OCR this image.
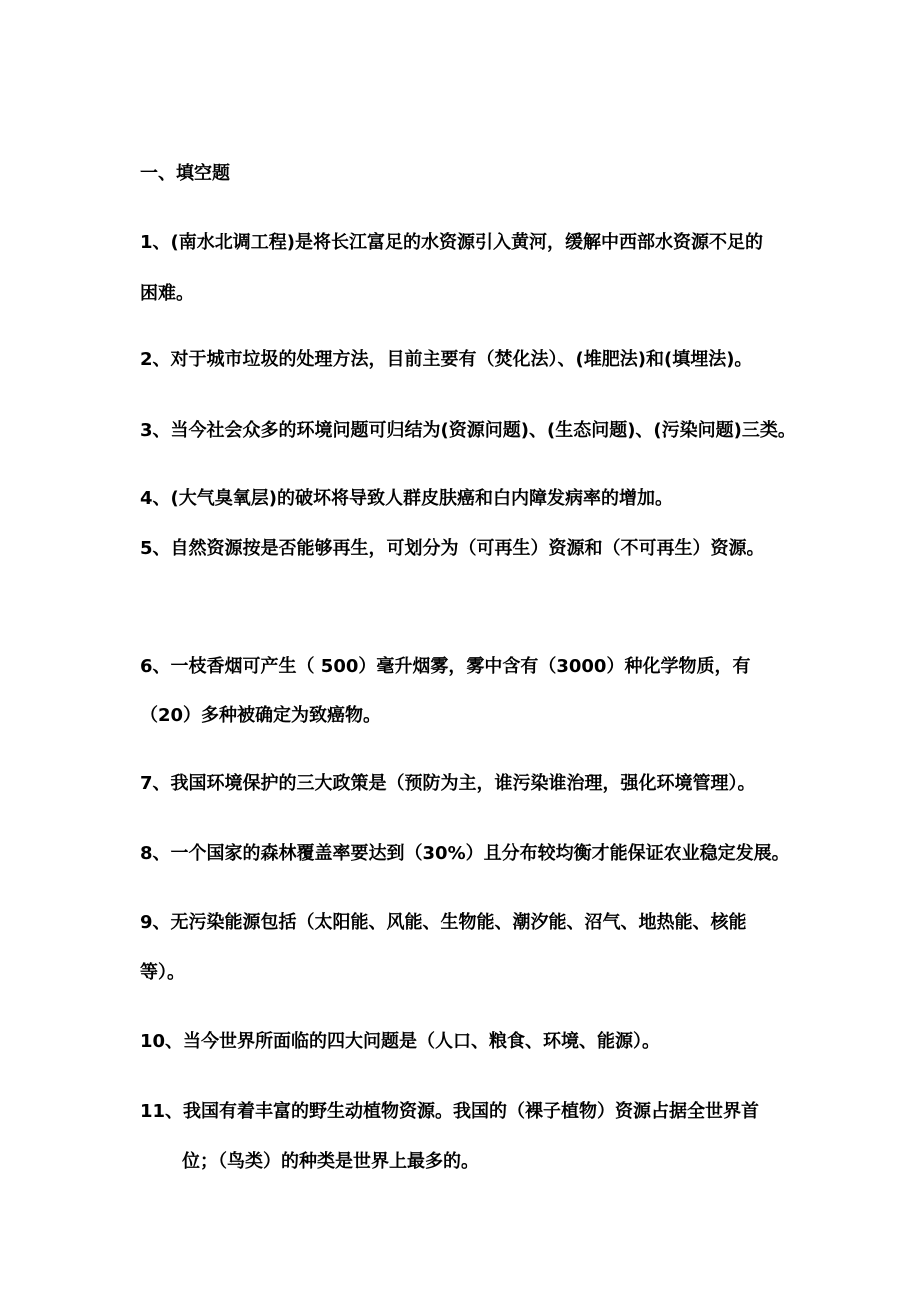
一、填空题
1、(南水北调工程)是将长江富足的水资源引入黄河，缓解中西部水资源不足的
困难。
2、对于城市垃圾的处理方法，目前主要有（焚化法）、(堆肥法)和(填埋法)。
3、当今社会众多的环境问题可归结为(资源问题)、(生态问题)、(污染问题)三类。
4、(大气臭氧层)的破坏将导致人群皮肤癌和白内障发病率的增加。
5、自然资源按是否能够再生，可划分为（可再生）资源和（不可再生）资源。
6、一枝香烟可产生（ 500）毫升烟雾，雾中含有（3000）种化学物质，有
（20）多种被确定为致癌物。
7、我国环境保护的三大政策是（预防为主，谁污染谁治理，强化环境管理）。
8、一个国家的森林覆盖率要达到（30%）且分布较均衡才能保证农业稳定发展。
9、无污染能源包括（太阳能、风能、生物能、潮汐能、沼气、地热能、核能
等）。
10、当今世界所面临的四大问题是（人口、粮食、环境、能源）。
11、我国有着丰富的野生动植物资源。我国的（裸子植物）资源占据全世界首
位；（鸟类）的种类是世界上最多的。
